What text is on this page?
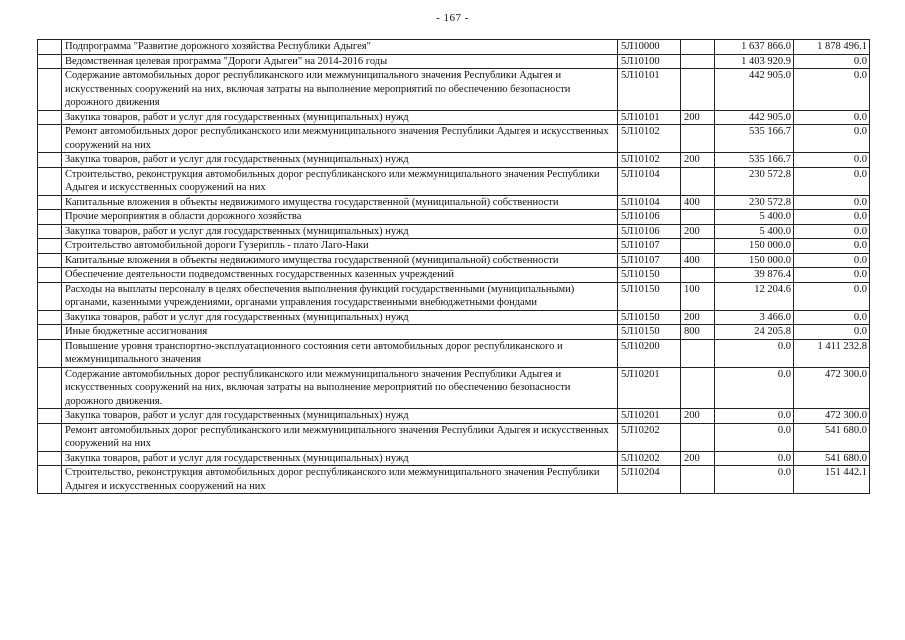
- 167 -
	Подпрограмма "Развитие дорожного хозяйства Республики Адыгея"	5Л10000		1 637 866.0	1 878 496.1
	Ведомственная целевая программа "Дороги Адыгеи" на 2014-2016 годы	5Л10100		1 403 920.9	0.0
	Содержание автомобильных дорог республиканского или межмуниципального значения Республики Адыгея и искусственных сооружений на них, включая затраты на выполнение мероприятий по обеспечению безопасности дорожного движения	5Л10101		442 905.0	0.0
	Закупка товаров, работ и услуг для государственных (муниципальных) нужд	5Л10101	200	442 905.0	0.0
	Ремонт автомобильных дорог республиканского или межмуниципального значения Республики Адыгея и искусственных сооружений на них	5Л10102		535 166.7	0.0
	Закупка товаров, работ и услуг для государственных (муниципальных) нужд	5Л10102	200	535 166.7	0.0
	Строительство, реконструкция автомобильных дорог республиканского или межмуниципального значения Республики Адыгея и искусственных сооружений на них	5Л10104		230 572.8	0.0
	Капитальные вложения в объекты недвижимого имущества государственной (муниципальной) собственности	5Л10104	400	230 572.8	0.0
	Прочие мероприятия в области дорожного хозяйства	5Л10106		5 400.0	0.0
	Закупка товаров, работ и услуг для государственных (муниципальных) нужд	5Л10106	200	5 400.0	0.0
	Строительство автомобильной дороги Гузерипль - плато Лаго-Наки	5Л10107		150 000.0	0.0
	Капитальные вложения в объекты недвижимого имущества государственной (муниципальной) собственности	5Л10107	400	150 000.0	0.0
	Обеспечение деятельности подведомственных государственных казенных учреждений	5Л10150		39 876.4	0.0
	Расходы на выплаты персоналу в целях обеспечения выполнения функций государственными (муниципальными) органами, казенными учреждениями, органами управления государственными внебюджетными фондами	5Л10150	100	12 204.6	0.0
	Закупка товаров, работ и услуг для государственных (муниципальных) нужд	5Л10150	200	3 466.0	0.0
	Иные бюджетные ассигнования	5Л10150	800	24 205.8	0.0
	Повышение уровня транспортно-эксплуатационного состояния сети автомобильных дорог республиканского и межмуниципального значения	5Л10200		0.0	1 411 232.8
	Содержание автомобильных дорог республиканского или межмуниципального значения Республики Адыгея и искусственных сооружений на них, включая затраты на выполнение мероприятий по обеспечению безопасности дорожного движения.	5Л10201		0.0	472 300.0
	Закупка товаров, работ и услуг для государственных (муниципальных) нужд	5Л10201	200	0.0	472 300.0
	Ремонт автомобильных дорог республиканского или межмуниципального значения Республики Адыгея и искусственных сооружений на них	5Л10202		0.0	541 680.0
	Закупка товаров, работ и услуг для государственных (муниципальных) нужд	5Л10202	200	0.0	541 680.0
	Строительство, реконструкция автомобильных дорог республиканского или межмуниципального значения Республики Адыгея и искусственных сооружений на них	5Л10204		0.0	151 442.1
